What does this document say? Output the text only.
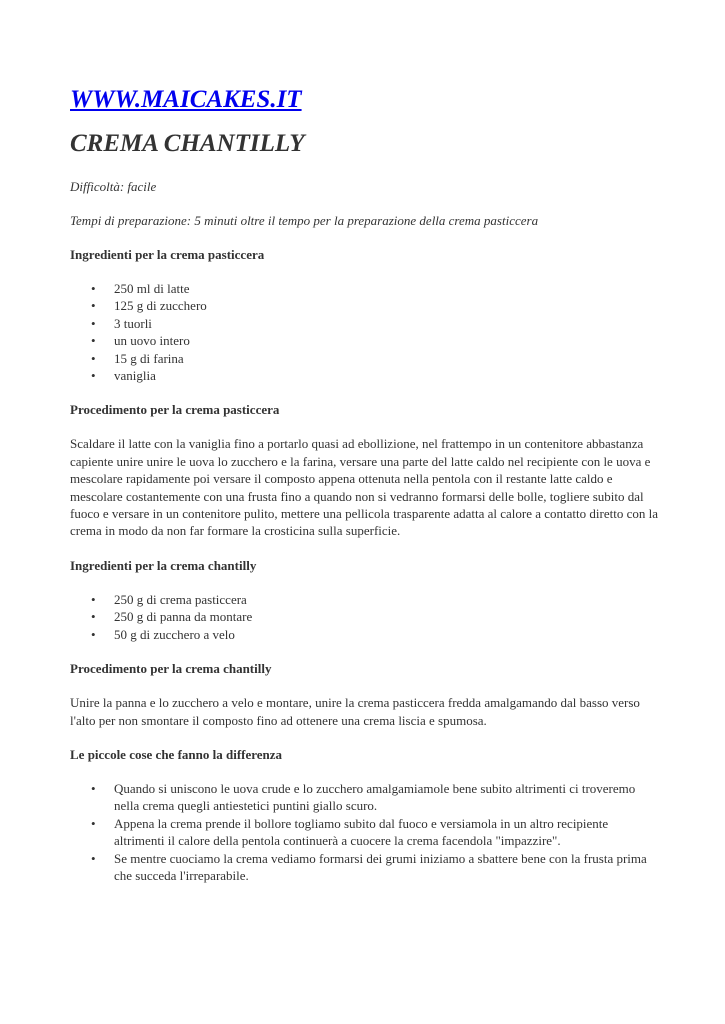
WWW.MAICAKES.IT
CREMA CHANTILLY

Difficoltà: facile

Tempi di preparazione: 5 minuti oltre il tempo per la preparazione della crema pasticcera

Ingredienti per la crema pasticcera
• 250 ml di latte
• 125 g di zucchero
• 3 tuorli
• un uovo intero
• 15 g di farina
• vaniglia
Procedimento per la crema pasticcera

Scaldare il latte con la vaniglia fino a portarlo quasi ad ebollizione, nel frattempo in un contenitore abbastanza capiente unire unire le uova lo zucchero e la farina, versare una parte del latte caldo nel recipiente con le uova e mescolare rapidamente poi versare il composto appena ottenuta nella pentola con il restante latte caldo e mescolare costantemente con una frusta fino a quando non si vedranno formarsi delle bolle, togliere subito dal fuoco e versare in un contenitore pulito, mettere una pellicola trasparente adatta al calore a contatto diretto con la crema in modo da non far formare la crosticina sulla superficie.

Ingredienti per la crema chantilly
• 250 g di crema pasticcera
• 250 g di panna da montare
• 50 g di zucchero a velo
Procedimento per la crema chantilly

Unire la panna e lo zucchero a velo e montare, unire la crema pasticcera fredda amalgamando dal basso verso l'alto per non smontare il composto fino ad ottenere una crema liscia e spumosa.

Le piccole cose che fanno la differenza
• Quando si uniscono le uova crude e lo zucchero amalgamiamole bene subito altrimenti ci troveremo nella crema quegli antiestetici puntini giallo scuro.
• Appena la crema prende il bollore togliamo subito dal fuoco e versiamola in un altro recipiente altrimenti il calore della pentola continuerà a cuocere la crema facendola "impazzire".
• Se mentre cuociamo la crema vediamo formarsi dei grumi iniziamo a sbattere bene con la frusta prima che succeda l'irreparabile.
